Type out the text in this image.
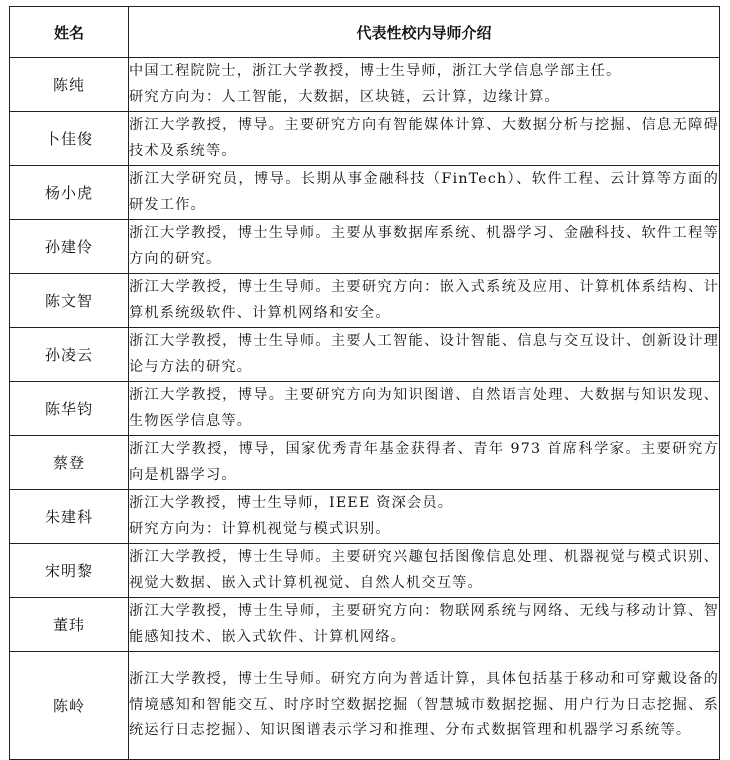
姓名	代表性校内导师介绍
陈纯	中国工程院院士，浙江大学教授，博士生导师，浙江大学信息学部主任。
研究方向为：人工智能，大数据，区块链，云计算，边缘计算。

卜佳俊	浙江大学教授，博导。主要研究方向有智能媒体计算、大数据分析与挖掘、信息无障碍技术及系统等。

杨小虎	浙江大学研究员，博导。长期从事金融科技（FinTech）、软件工程、云计算等方面的研发工作。

孙建伶	浙江大学教授，博士生导师。主要从事数据库系统、机器学习、金融科技、软件工程等方向的研究。

陈文智	浙江大学教授，博士生导师。主要研究方向：嵌入式系统及应用、计算机体系结构、计算机系统级软件、计算机网络和安全。

孙凌云	浙江大学教授，博士生导师。主要人工智能、设计智能、信息与交互设计、创新设计理论与方法的研究。

陈华钧	浙江大学教授，博导。主要研究方向为知识图谱、自然语言处理、大数据与知识发现、生物医学信息等。

蔡登	浙江大学教授，博导，国家优秀青年基金获得者、青年 973 首席科学家。主要研究方向是机器学习。

朱建科	浙江大学教授，博士生导师，IEEE 资深会员。
研究方向为：计算机视觉与模式识别。

宋明黎	浙江大学教授，博士生导师。主要研究兴趣包括图像信息处理、机器视觉与模式识别、视觉大数据、嵌入式计算机视觉、自然人机交互等。

董玮	浙江大学教授，博士生导师，主要研究方向：物联网系统与网络、无线与移动计算、智能感知技术、嵌入式软件、计算机网络。

陈岭	浙江大学教授，博士生导师。研究方向为普适计算，具体包括基于移动和可穿戴设备的情境感知和智能交互、时序时空数据挖掘（智慧城市数据挖掘、用户行为日志挖掘、系统运行日志挖掘）、知识图谱表示学习和推理、分布式数据管理和机器学习系统等。
